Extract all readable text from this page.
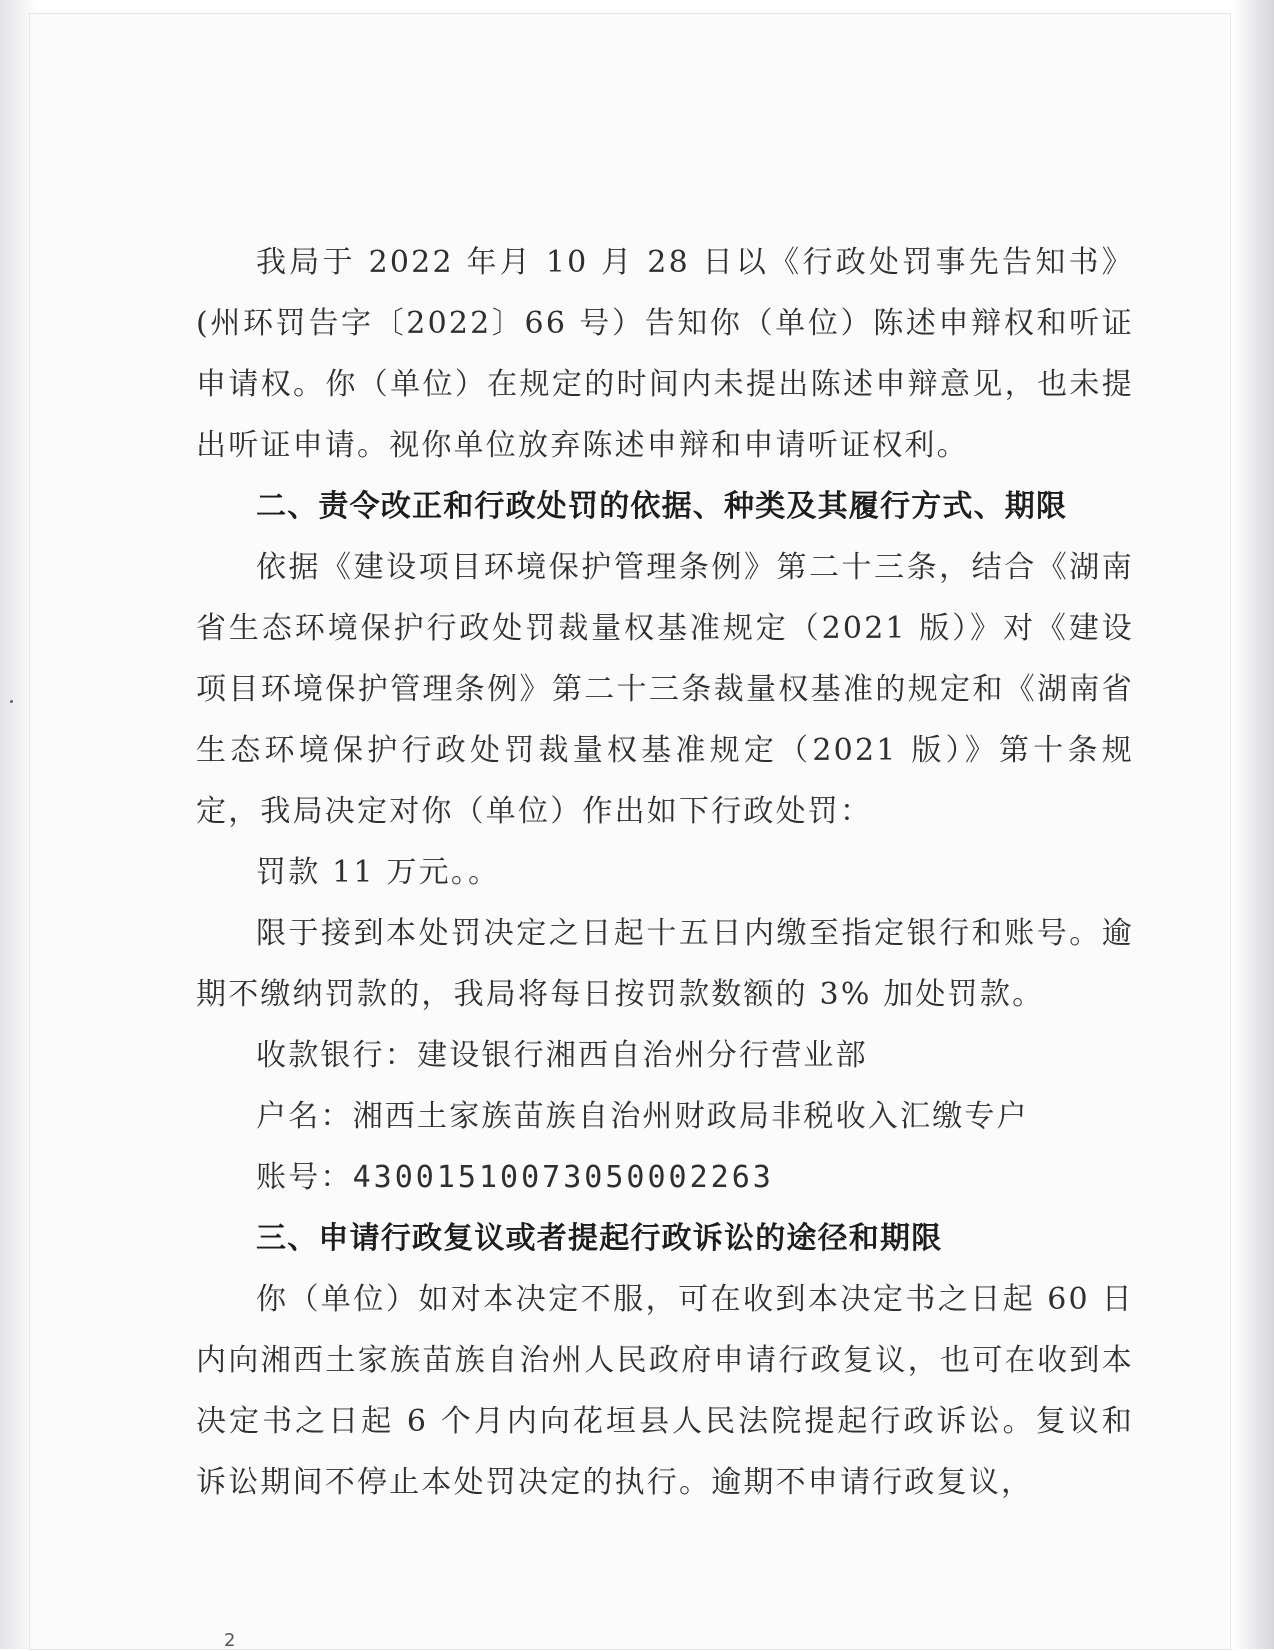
我局于 2022 年月 10 月 28 日以《行政处罚事先告知书》(州环罚告字〔2022〕66 号）告知你（单位）陈述申辩权和听证申请权。你（单位）在规定的时间内未提出陈述申辩意见，也未提出听证申请。视你单位放弃陈述申辩和申请听证权利。

二、责令改正和行政处罚的依据、种类及其履行方式、期限

依据《建设项目环境保护管理条例》第二十三条，结合《湖南省生态环境保护行政处罚裁量权基准规定（2021 版）》对《建设项目环境保护管理条例》第二十三条裁量权基准的规定和《湖南省生态环境保护行政处罚裁量权基准规定（2021 版）》第十条规定，我局决定对你（单位）作出如下行政处罚：

罚款 11 万元。。

限于接到本处罚决定之日起十五日内缴至指定银行和账号。逾期不缴纳罚款的，我局将每日按罚款数额的 3% 加处罚款。

收款银行：建设银行湘西自治州分行营业部

户名：湘西土家族苗族自治州财政局非税收入汇缴专户

账号：43001510073050002263

三、申请行政复议或者提起行政诉讼的途径和期限

你（单位）如对本决定不服，可在收到本决定书之日起 60 日内向湘西土家族苗族自治州人民政府申请行政复议，也可在收到本决定书之日起 6 个月内向花垣县人民法院提起行政诉讼。复议和诉讼期间不停止本处罚决定的执行。逾期不申请行政复议，

2
